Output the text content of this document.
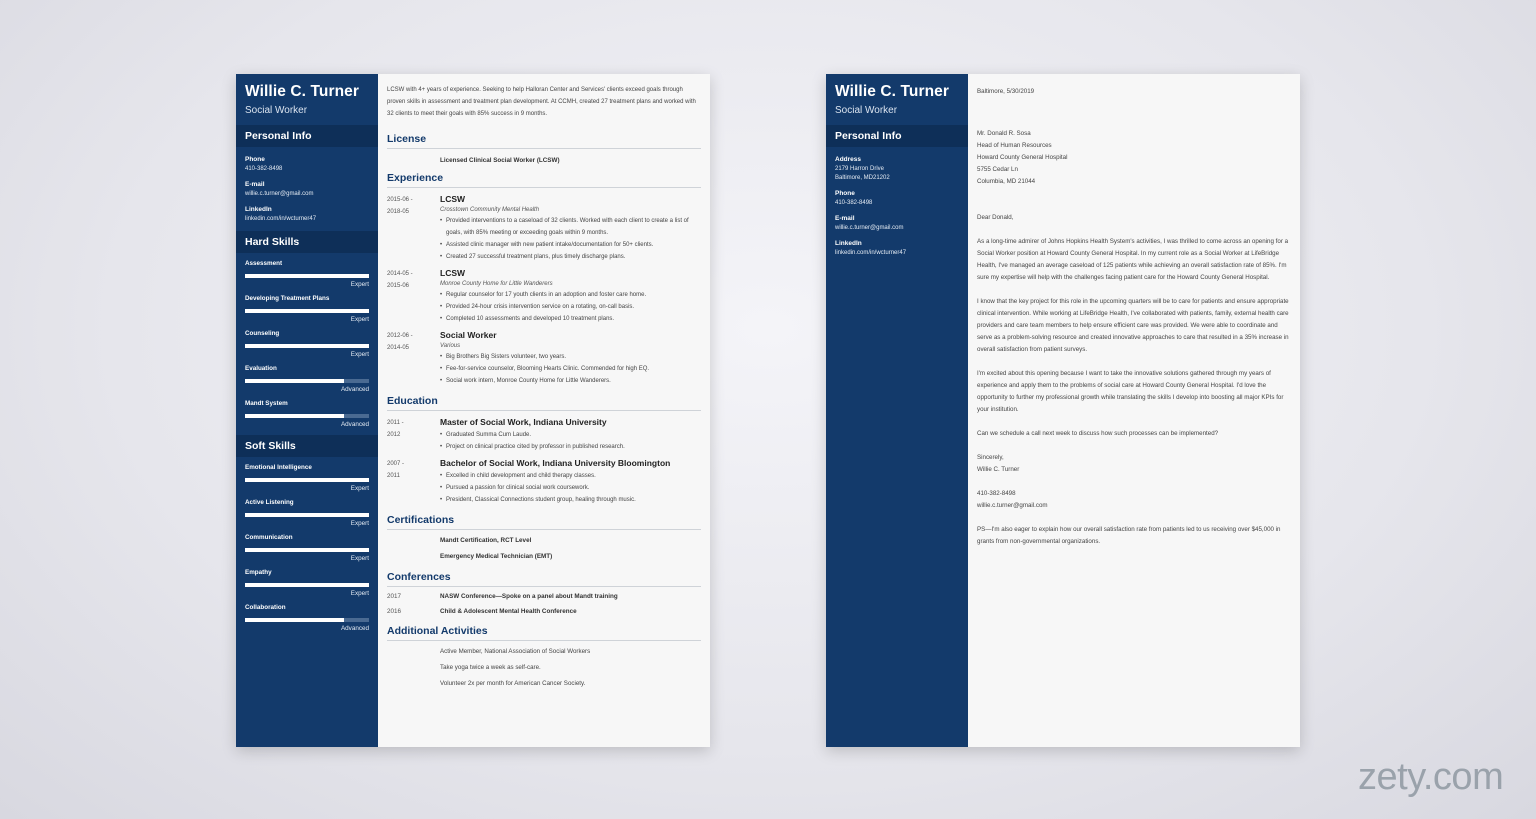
Willie C. Turner
Social Worker
Personal Info
Phone
410-382-8498
E-mail
willie.c.turner@gmail.com
LinkedIn
linkedin.com/in/wcturner47
Hard Skills
Assessment
Expert
Developing Treatment Plans
Expert
Counseling
Expert
Evaluation
Advanced
Mandt System
Advanced
Soft Skills
Emotional Intelligence
Expert
Active Listening
Expert
Communication
Expert
Empathy
Expert
Collaboration
Advanced
LCSW with 4+ years of experience. Seeking to help Halloran Center and Services' clients exceed goals through proven skills in assessment and treatment plan development. At CCMH, created 27 treatment plans and worked with 32 clients to meet their goals with 85% success in 9 months.
License
Licensed Clinical Social Worker (LCSW)
Experience
2015-06 -
2018-05
LCSW
Crosstown Community Mental Health
• Provided interventions to a caseload of 32 clients. Worked with each client to create a list of goals, with 85% meeting or exceeding goals within 9 months.
• Assisted clinic manager with new patient intake/documentation for 50+ clients.
• Created 27 successful treatment plans, plus timely discharge plans.
2014-05 -
2015-06
LCSW
Monroe County Home for Little Wanderers
• Regular counselor for 17 youth clients in an adoption and foster care home.
• Provided 24-hour crisis intervention service on a rotating, on-call basis.
• Completed 10 assessments and developed 10 treatment plans.
2012-06 -
2014-05
Social Worker
Various
• Big Brothers Big Sisters volunteer, two years.
• Fee-for-service counselor, Blooming Hearts Clinic. Commended for high EQ.
• Social work intern, Monroe County Home for Little Wanderers.
Education
2011 -
2012
Master of Social Work, Indiana University
• Graduated Summa Cum Laude.
• Project on clinical practice cited by professor in published research.
2007 -
2011
Bachelor of Social Work, Indiana University Bloomington
• Excelled in child development and child therapy classes.
• Pursued a passion for clinical social work coursework.
• President, Classical Connections student group, healing through music.
Certifications
Mandt Certification, RCT Level
Emergency Medical Technician (EMT)
Conferences
2017	NASW Conference—Spoke on a panel about Mandt training
2016	Child & Adolescent Mental Health Conference
Additional Activities
Active Member, National Association of Social Workers
Take yoga twice a week as self-care.
Volunteer 2x per month for American Cancer Society.
Willie C. Turner
Social Worker
Personal Info
Address
2179 Harron Drive
Baltimore, MD21202
Phone
410-382-8498
E-mail
willie.c.turner@gmail.com
LinkedIn
linkedin.com/in/wcturner47

Baltimore, 5/30/2019

Mr. Donald R. Sosa
Head of Human Resources
Howard County General Hospital
5755 Cedar Ln
Columbia, MD 21044

Dear Donald,

As a long-time admirer of Johns Hopkins Health System's activities, I was thrilled to come across an opening for a Social Worker position at Howard County General Hospital. In my current role as a Social Worker at LifeBridge Health, I've managed an average caseload of 125 patients while achieving an overall satisfaction rate of 85%. I'm sure my expertise will help with the challenges facing patient care for the Howard County General Hospital.

I know that the key project for this role in the upcoming quarters will be to care for patients and ensure appropriate clinical intervention. While working at LifeBridge Health, I've collaborated with patients, family, external health care providers and care team members to help ensure efficient care was provided. We were able to coordinate and serve as a problem-solving resource and created innovative approaches to care that resulted in a 35% increase in overall satisfaction from patient surveys.

I'm excited about this opening because I want to take the innovative solutions gathered through my years of experience and apply them to the problems of social care at Howard County General Hospital. I'd love the opportunity to further my professional growth while translating the skills I develop into boosting all major KPIs for your institution.

Can we schedule a call next week to discuss how such processes can be implemented?

Sincerely,
Willie C. Turner
410-382-8498
willie.c.turner@gmail.com

PS—I'm also eager to explain how our overall satisfaction rate from patients led to us receiving over $45,000 in grants from non-governmental organizations.

zety.com
